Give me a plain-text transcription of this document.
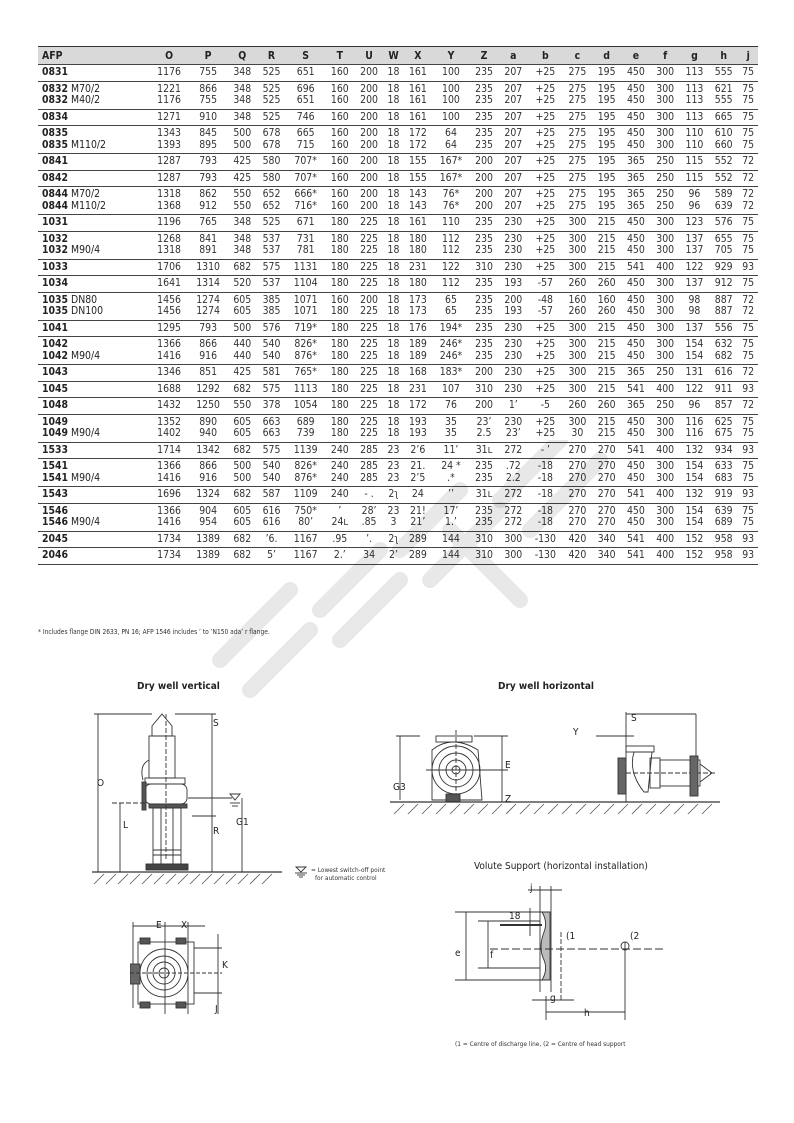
AFP	O	P	Q	R	S	T	U	W	X	Y	Z	a	b	c	d	e	f	g	h	j
0831	1176	755	348	525	651	160	200	18	161	100	235	207	+25	275	195	450	300	113	555	75
0832 M70/2	1221	866	348	525	696	160	200	18	161	100	235	207	+25	275	195	450	300	113	621	75
0832 M40/2	1176	755	348	525	651	160	200	18	161	100	235	207	+25	275	195	450	300	113	555	75
0834	1271	910	348	525	746	160	200	18	161	100	235	207	+25	275	195	450	300	113	665	75
0835	1343	845	500	678	665	160	200	18	172	64	235	207	+25	275	195	450	300	110	610	75
0835 M110/2	1393	895	500	678	715	160	200	18	172	64	235	207	+25	275	195	450	300	110	660	75
0841	1287	793	425	580	707*	160	200	18	155	167*	200	207	+25	275	195	365	250	115	552	72
0842	1287	793	425	580	707*	160	200	18	155	167*	200	207	+25	275	195	365	250	115	552	72
0844 M70/2	1318	862	550	652	666*	160	200	18	143	76*	200	207	+25	275	195	365	250	96	589	72
0844 M110/2	1368	912	550	652	716*	160	200	18	143	76*	200	207	+25	275	195	365	250	96	639	72
1031	1196	765	348	525	671	180	225	18	161	110	235	230	+25	300	215	450	300	123	576	75
1032	1268	841	348	537	731	180	225	18	180	112	235	230	+25	300	215	450	300	137	655	75
1032 M90/4	1318	891	348	537	781	180	225	18	180	112	235	230	+25	300	215	450	300	137	705	75
1033	1706	1310	682	575	1131	180	225	18	231	122	310	230	+25	300	215	541	400	122	929	93
1034	1641	1314	520	537	1104	180	225	18	180	112	235	193	-57	260	260	450	300	137	912	75
1035 DN80	1456	1274	605	385	1071	160	200	18	173	65	235	200	-48	160	160	450	300	98	887	72
1035 DN100	1456	1274	605	385	1071	180	225	18	173	65	235	193	-57	260	260	450	300	98	887	72
1041	1295	793	500	576	719*	180	225	18	176	194*	235	230	+25	300	215	450	300	137	556	75
1042	1366	866	440	540	826*	180	225	18	189	246*	235	230	+25	300	215	450	300	154	632	75
1042 M90/4	1416	916	440	540	876*	180	225	18	189	246*	235	230	+25	300	215	450	300	154	682	75
1043	1346	851	425	581	765*	180	225	18	168	183*	200	230	+25	300	215	365	250	131	616	72
1045	1688	1292	682	575	1113	180	225	18	231	107	310	230	+25	300	215	541	400	122	911	93
1048	1432	1250	550	378	1054	180	225	18	172	76	200	1ʼ	-5	260	260	365	250	96	857	72
1049	1352	890	605	663	689	180	225	18	193	35	23ʼ	230	+25	300	215	450	300	116	625	75
1049 M90/4	1402	940	605	663	739	180	225	18	193	35	2.5	23ʼ	+25	30	215	450	300	116	675	75
1533	1714	1342	682	575	1139	240	285	23	2ʼ6	11ʼ	31ʟ	272	- ʼ	270	270	541	400	132	934	93
1541	1366	866	500	540	826*	240	285	23	21.	24 *	235	.72	-18	270	270	450	300	154	633	75
1541 M90/4	1416	916	500	540	876*	240	285	23	2ʼ5	.*	235	2.2	-18	270	270	450	300	154	683	75
1543	1696	1324	682	587	1109	240	- .	2ʅ	24	ʼʼ	31ʟ	272	-18	270	270	541	400	132	919	93
1546	1366	904	605	616	750*	ʼ	28ʼ	23	21!	17ʼ	235	272	-18	270	270	450	300	154	639	75
1546 M90/4	1416	954	605	616	80ʼ	24ʟ	.85	3	21ʼ	1.ʼ	235	272	-18	270	270	450	300	154	689	75
2045	1734	1389	682	ʼ6.	1167	.95	ʼ.	2ʅ	289	144	310	300	-130	420	340	541	400	152	958	93
2046	1734	1389	682	5ʼ	1167	2.ʼ	34	2ʼ	289	144	310	300	-130	420	340	541	400	152	958	93
* Includes flange DIN 2633, PN 16; AFP 1546 includes ʼ to ʼN150 adaʼ r flange.
Dry well vertical
O
S
L
R
G1
= Lowest switch-off point
for automatic control
E X
K
J
Dry well horizontal
G3
E
Z
Y
S
Volute Support (horizontal installation)
j
18
e	f
g
h
(1	(2
(1 = Centre of discharge line, (2 = Centre of head support
